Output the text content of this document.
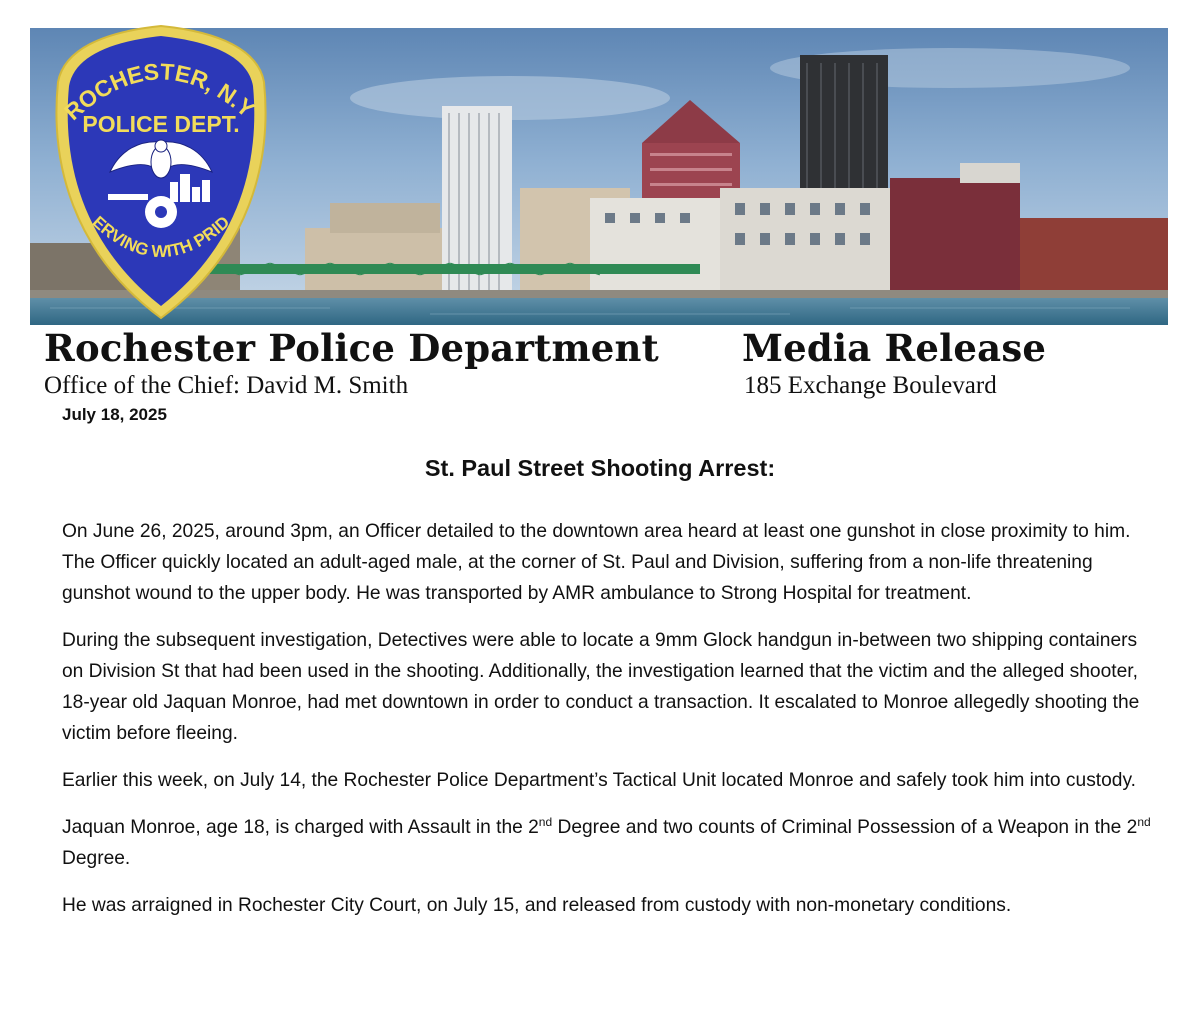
ROCHESTER, N.Y
POLICE DEPT.
ERVING WITH PRID
Rochester Police Department Media Release
Office of the Chief: David M. Smith	185 Exchange Boulevard
July 18, 2025
St. Paul Street Shooting Arrest:

On June 26, 2025, around 3pm, an Officer detailed to the downtown area heard at least one gunshot in close proximity to him. The Officer quickly located an adult-aged male, at the corner of St. Paul and Division, suffering from a non-life threatening gunshot wound to the upper body. He was transported by AMR ambulance to Strong Hospital for treatment.

During the subsequent investigation, Detectives were able to locate a 9mm Glock handgun in-between two shipping containers on Division St that had been used in the shooting. Additionally, the investigation learned that the victim and the alleged shooter, 18-year old Jaquan Monroe, had met downtown in order to conduct a transaction. It escalated to Monroe allegedly shooting the victim before fleeing.

Earlier this week, on July 14, the Rochester Police Department’s Tactical Unit located Monroe and safely took him into custody.

Jaquan Monroe, age 18, is charged with Assault in the 2nd Degree and two counts of Criminal Possession of a Weapon in the 2nd Degree.

He was arraigned in Rochester City Court, on July 15, and released from custody with non-monetary conditions.
